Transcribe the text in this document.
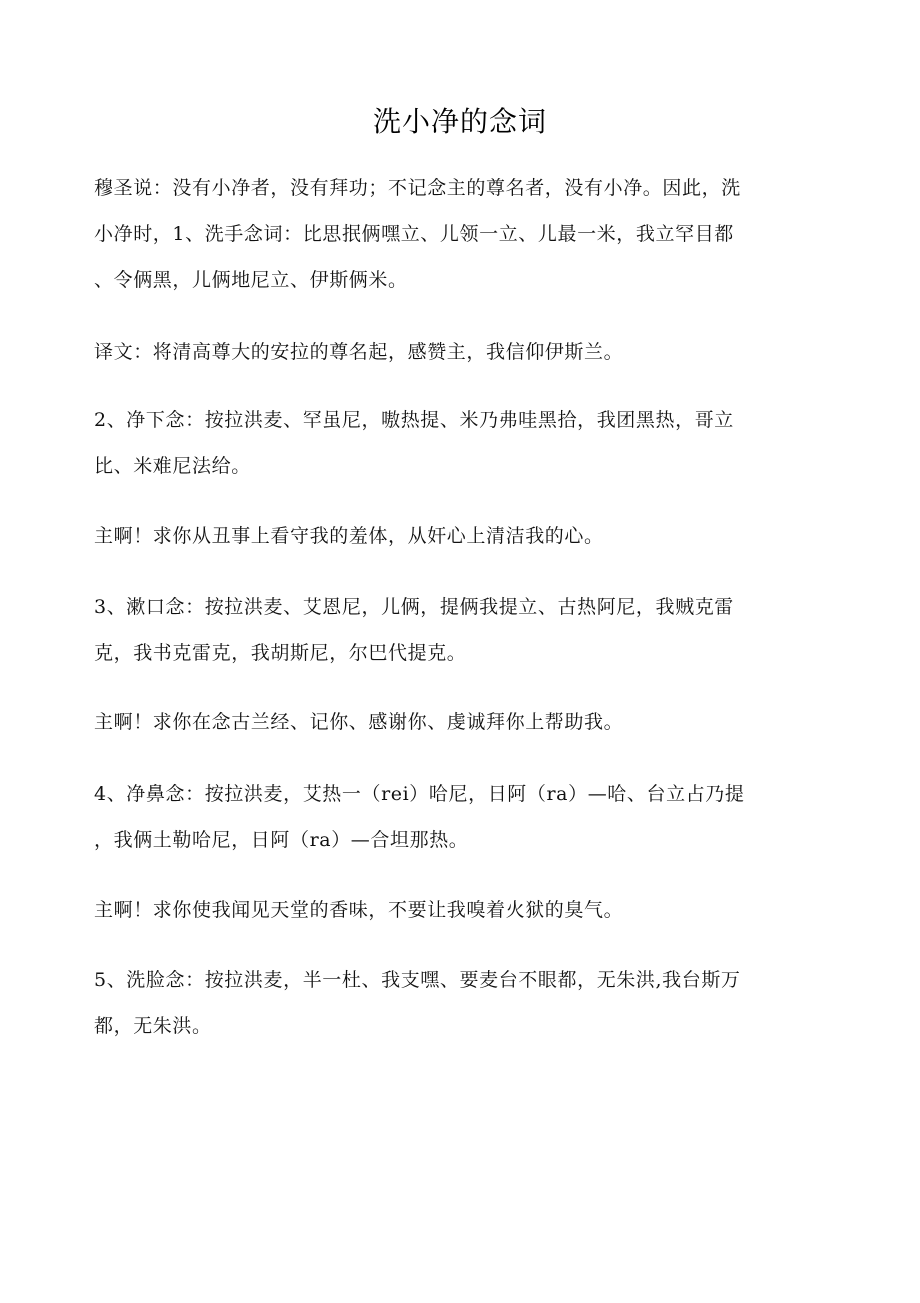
洗小净的念词
穆圣说：没有小净者，没有拜功；不记念主的尊名者，没有小净。因此，洗
小净时，1、洗手念词：比思抿俩嘿立、儿领一立、儿最一米，我立罕目都
、令俩黑，儿俩地尼立、伊斯俩米。
译文：将清高尊大的安拉的尊名起，感赞主，我信仰伊斯兰。
2、净下念：按拉洪麦、罕虽尼，嗷热提、米乃弗哇黑拾，我团黑热，哥立
比、米难尼法给。
主啊！求你从丑事上看守我的羞体，从奸心上清洁我的心。
3、漱口念：按拉洪麦、艾恩尼，儿俩，提俩我提立、古热阿尼，我贼克雷
克，我书克雷克，我胡斯尼，尔巴代提克。
主啊！求你在念古兰经、记你、感谢你、虔诚拜你上帮助我。
4、净鼻念：按拉洪麦，艾热一（rei）哈尼，日阿（ra）—哈、台立占乃提
，我俩土勒哈尼，日阿（ra）—合坦那热。
主啊！求你使我闻见天堂的香味，不要让我嗅着火狱的臭气。
5、洗脸念：按拉洪麦，半一杜、我支嘿、要麦台不眼都，无朱洪,我台斯万
都，无朱洪。
